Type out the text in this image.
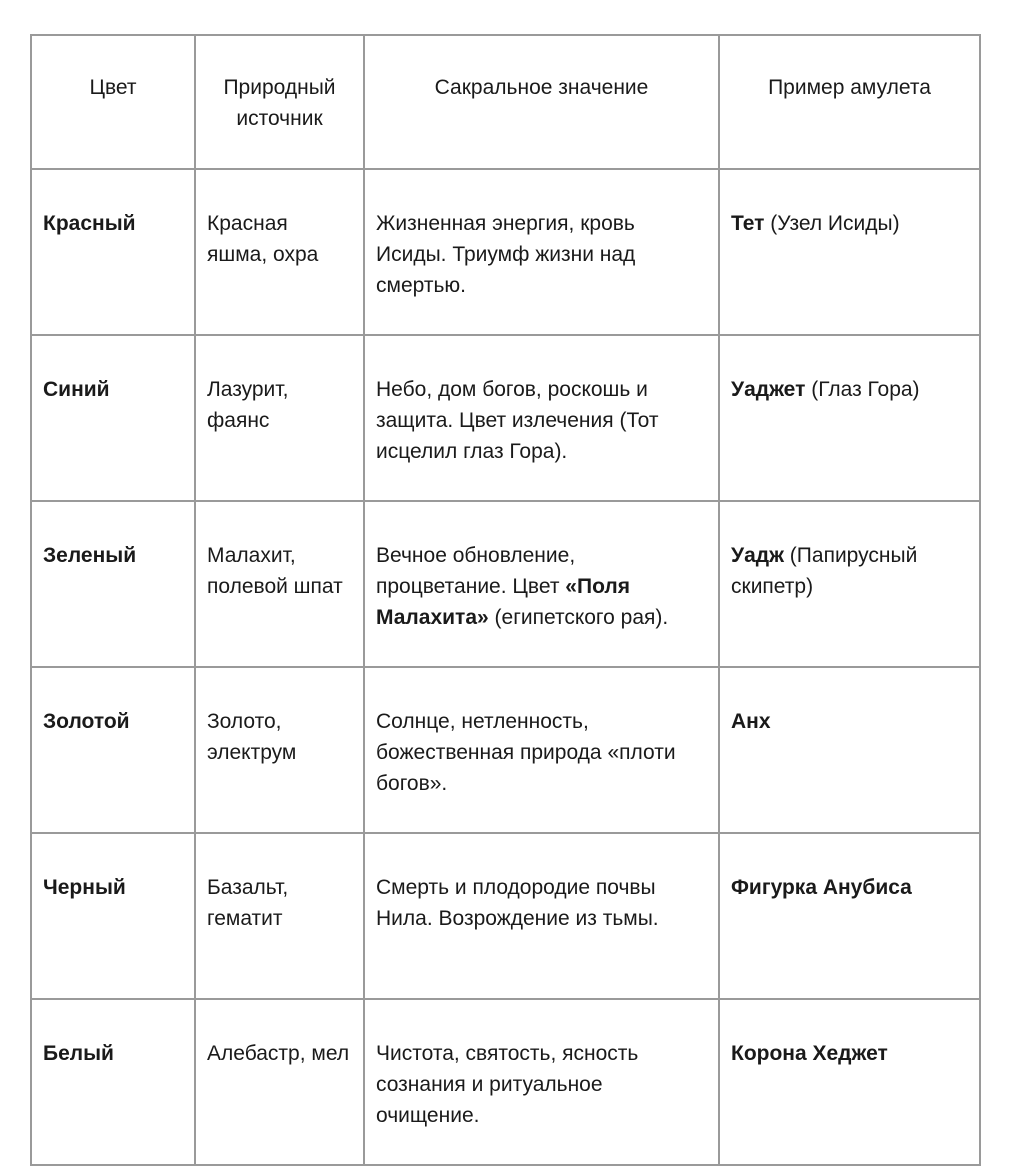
Цвет	Природный источник	Сакральное значение	Пример амулета
Красный	Красная яшма, охра	Жизненная энергия, кровь Исиды. Триумф жизни над смертью.	Тет (Узел Исиды)
Синий	Лазурит, фаянс	Небо, дом богов, роскошь и защита. Цвет излечения (Тот исцелил глаз Гора).	Уаджет (Глаз Гора)
Зеленый	Малахит, полевой шпат	Вечное обновление, процветание. Цвет «Поля Малахита» (египетского рая).	Уадж (Папирусный скипетр)
Золотой	Золото, электрум	Солнце, нетленность, божественная природа «плоти богов».	Анх
Черный	Базальт, гематит	Смерть и плодородие почвы Нила. Возрождение из тьмы.	Фигурка Анубиса
Белый	Алебастр, мел	Чистота, святость, ясность сознания и ритуальное очищение.	Корона Хеджет
